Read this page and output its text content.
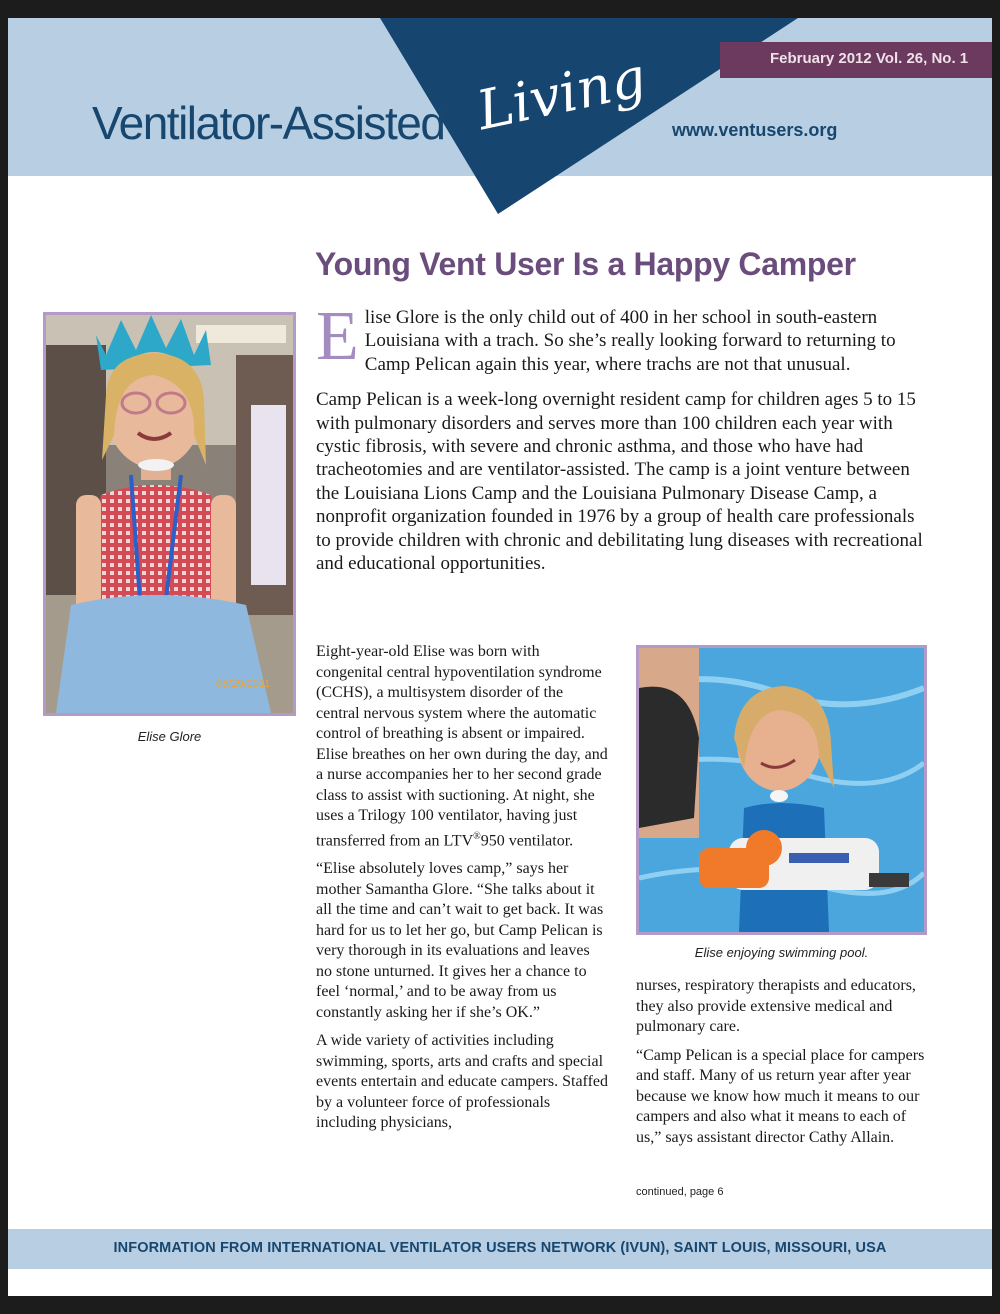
February 2012 Vol. 26, No. 1
Ventilator-Assisted Living www.ventusers.org
Young Vent User Is a Happy Camper
05/29/2011
Elise Glore

Elise Glore is the only child out of 400 in her school in south-eastern Louisiana with a trach. So she’s really looking forward to returning to Camp Pelican again this year, where trachs are not that unusual.

Camp Pelican is a week-long overnight resident camp for children ages 5 to 15 with pulmonary disorders and serves more than 100 children each year with cystic fibrosis, with severe and chronic asthma, and those who have had tracheotomies and are ventilator-assisted. The camp is a joint venture between the Louisiana Lions Camp and the Louisiana Pulmonary Disease Camp, a nonprofit organization founded in 1976 by a group of health care professionals to provide children with chronic and debilitating lung diseases with recreational and educational opportunities.

Eight-year-old Elise was born with congenital central hypoventilation syndrome (CCHS), a multisystem disorder of the central nervous system where the automatic control of breathing is absent or impaired. Elise breathes on her own during the day, and a nurse accompanies her to her second grade class to assist with suctioning. At night, she uses a Trilogy 100 ventilator, having just transferred from an LTV®950 ventilator.

“Elise absolutely loves camp,” says her mother Samantha Glore. “She talks about it all the time and can’t wait to get back. It was hard for us to let her go, but Camp Pelican is very thorough in its evaluations and leaves no stone unturned. It gives her a chance to feel ‘normal,’ and to be away from us constantly asking her if she’s OK.”

A wide variety of activities including swimming, sports, arts and crafts and special events entertain and educate campers. Staffed by a volunteer force of professionals including physicians,

Elise enjoying swimming pool.

nurses, respiratory therapists and educators, they also provide extensive medical and pulmonary care.

“Camp Pelican is a special place for campers and staff. Many of us return year after year because we know how much it means to our campers and also what it means to each of us,” says assistant director Cathy Allain.

continued, page 6
INFORMATION FROM INTERNATIONAL VENTILATOR USERS NETWORK (IVUN), SAINT LOUIS, MISSOURI, USA
